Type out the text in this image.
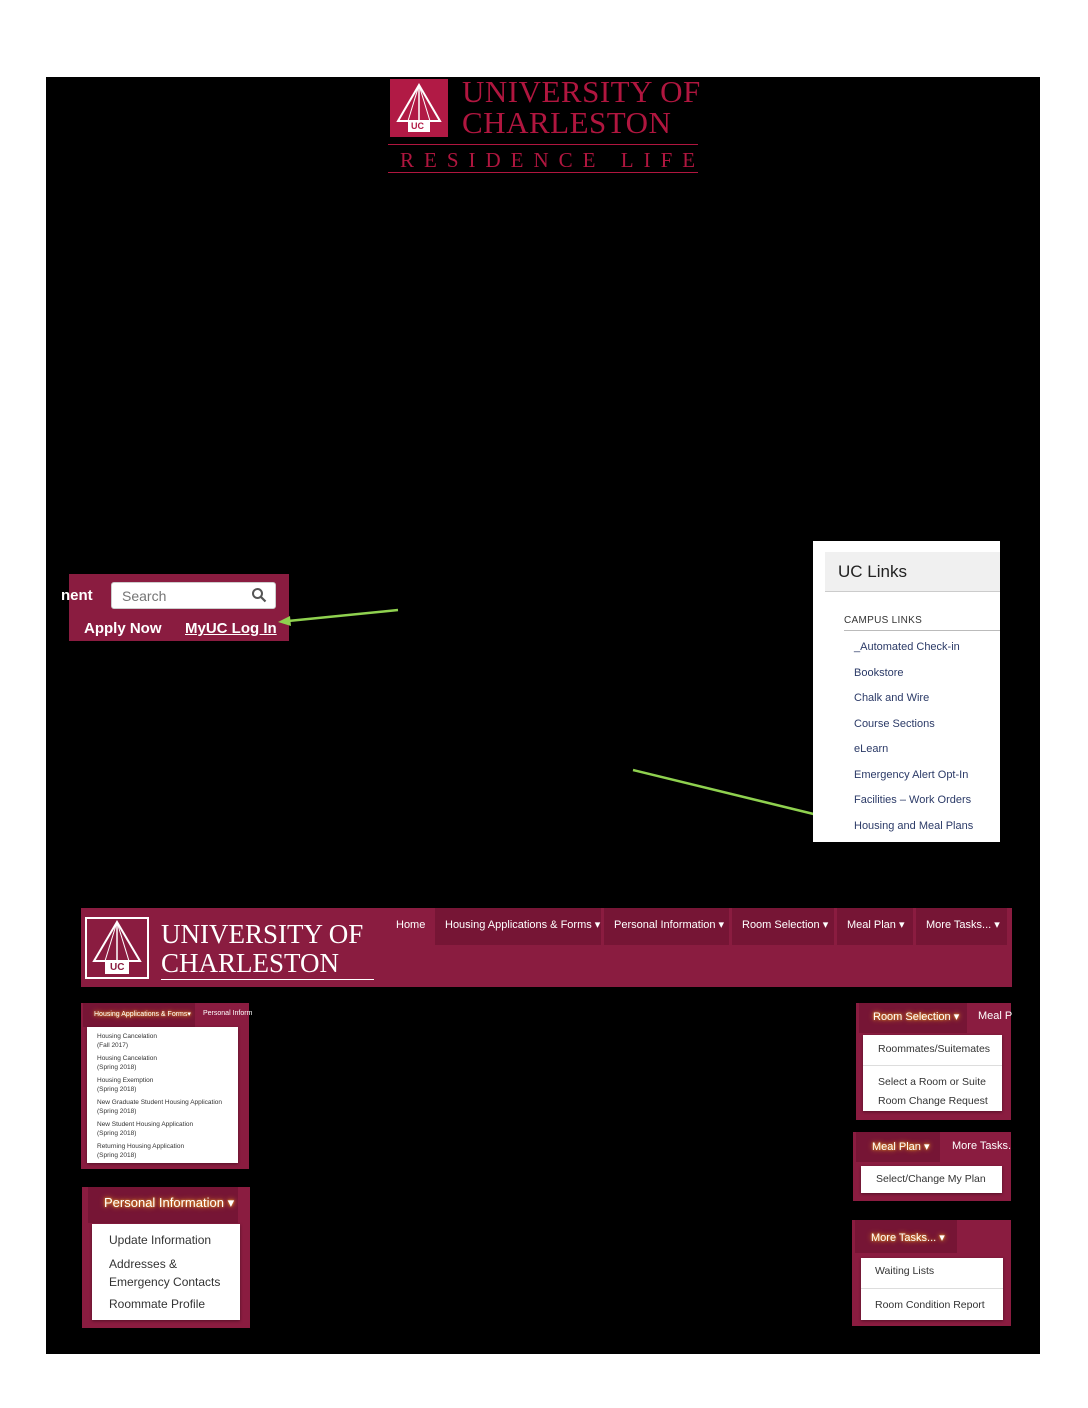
UC
UNIVERSITY OF
CHARLESTON
RESIDENCE LIFE
nent
Search
Apply Now MyUC Log In
UC Links
CAMPUS LINKS
_Automated Check-in
Bookstore
Chalk and Wire
Course Sections
eLearn
Emergency Alert Opt-In
Facilities – Work Orders
Housing and Meal Plans
UC
UNIVERSITY OF
CHARLESTON
Home	Housing Applications & Forms ▾	Personal Information ▾	Room Selection ▾	Meal Plan ▾	More Tasks... ▾
Housing Applications & Forms▾ Personal Inform
Housing Cancelation
(Fall 2017)
Housing Cancelation
(Spring 2018)
Housing Exemption
(Spring 2018)
New Graduate Student Housing Application
(Spring 2018)
New Student Housing Application
(Spring 2018)
Returning Housing Application
(Spring 2018)
Personal Information ▾
Update Information
Addresses &
Emergency Contacts
Roommate Profile
Room Selection ▾ Meal P
Roommates/Suitemates
Select a Room or Suite
Room Change Request
Meal Plan ▾ More Tasks.
Select/Change My Plan
More Tasks... ▾
Waiting Lists
Room Condition Report
